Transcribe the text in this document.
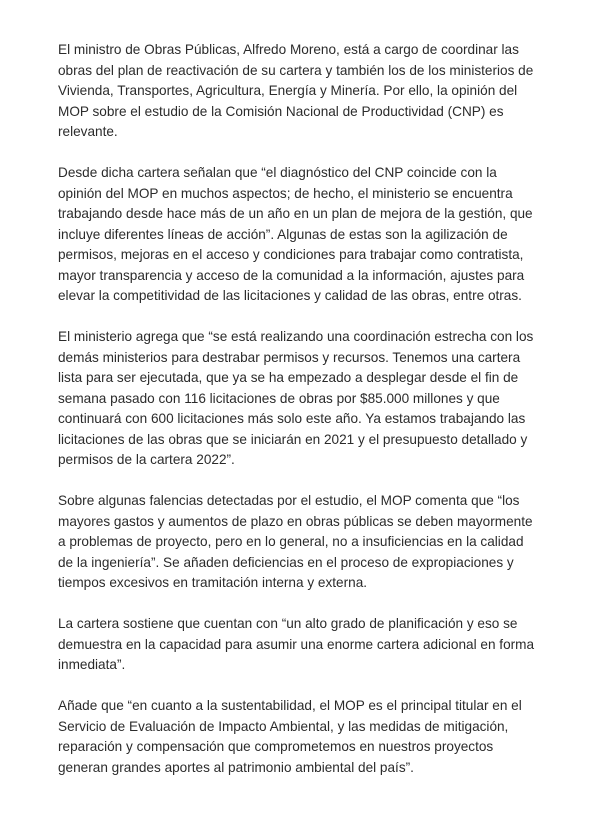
El ministro de Obras Públicas, Alfredo Moreno, está a cargo de coordinar las
obras del plan de reactivación de su cartera y también los de los ministerios de
Vivienda, Transportes, Agricultura, Energía y Minería. Por ello, la opinión del
MOP sobre el estudio de la Comisión Nacional de Productividad (CNP) es
relevante.

Desde dicha cartera señalan que “el diagnóstico del CNP coincide con la
opinión del MOP en muchos aspectos; de hecho, el ministerio se encuentra
trabajando desde hace más de un año en un plan de mejora de la gestión, que
incluye diferentes líneas de acción”. Algunas de estas son la agilización de
permisos, mejoras en el acceso y condiciones para trabajar como contratista,
mayor transparencia y acceso de la comunidad a la información, ajustes para
elevar la competitividad de las licitaciones y calidad de las obras, entre otras.

El ministerio agrega que “se está realizando una coordinación estrecha con los
demás ministerios para destrabar permisos y recursos. Tenemos una cartera
lista para ser ejecutada, que ya se ha empezado a desplegar desde el fin de
semana pasado con 116 licitaciones de obras por $85.000 millones y que
continuará con 600 licitaciones más solo este año. Ya estamos trabajando las
licitaciones de las obras que se iniciarán en 2021 y el presupuesto detallado y
permisos de la cartera 2022”.

Sobre algunas falencias detectadas por el estudio, el MOP comenta que “los
mayores gastos y aumentos de plazo en obras públicas se deben mayormente
a problemas de proyecto, pero en lo general, no a insuficiencias en la calidad
de la ingeniería”. Se añaden deficiencias en el proceso de expropiaciones y
tiempos excesivos en tramitación interna y externa.

La cartera sostiene que cuentan con “un alto grado de planificación y eso se
demuestra en la capacidad para asumir una enorme cartera adicional en forma
inmediata”.

Añade que “en cuanto a la sustentabilidad, el MOP es el principal titular en el
Servicio de Evaluación de Impacto Ambiental, y las medidas de mitigación,
reparación y compensación que comprometemos en nuestros proyectos
generan grandes aportes al patrimonio ambiental del país”.
